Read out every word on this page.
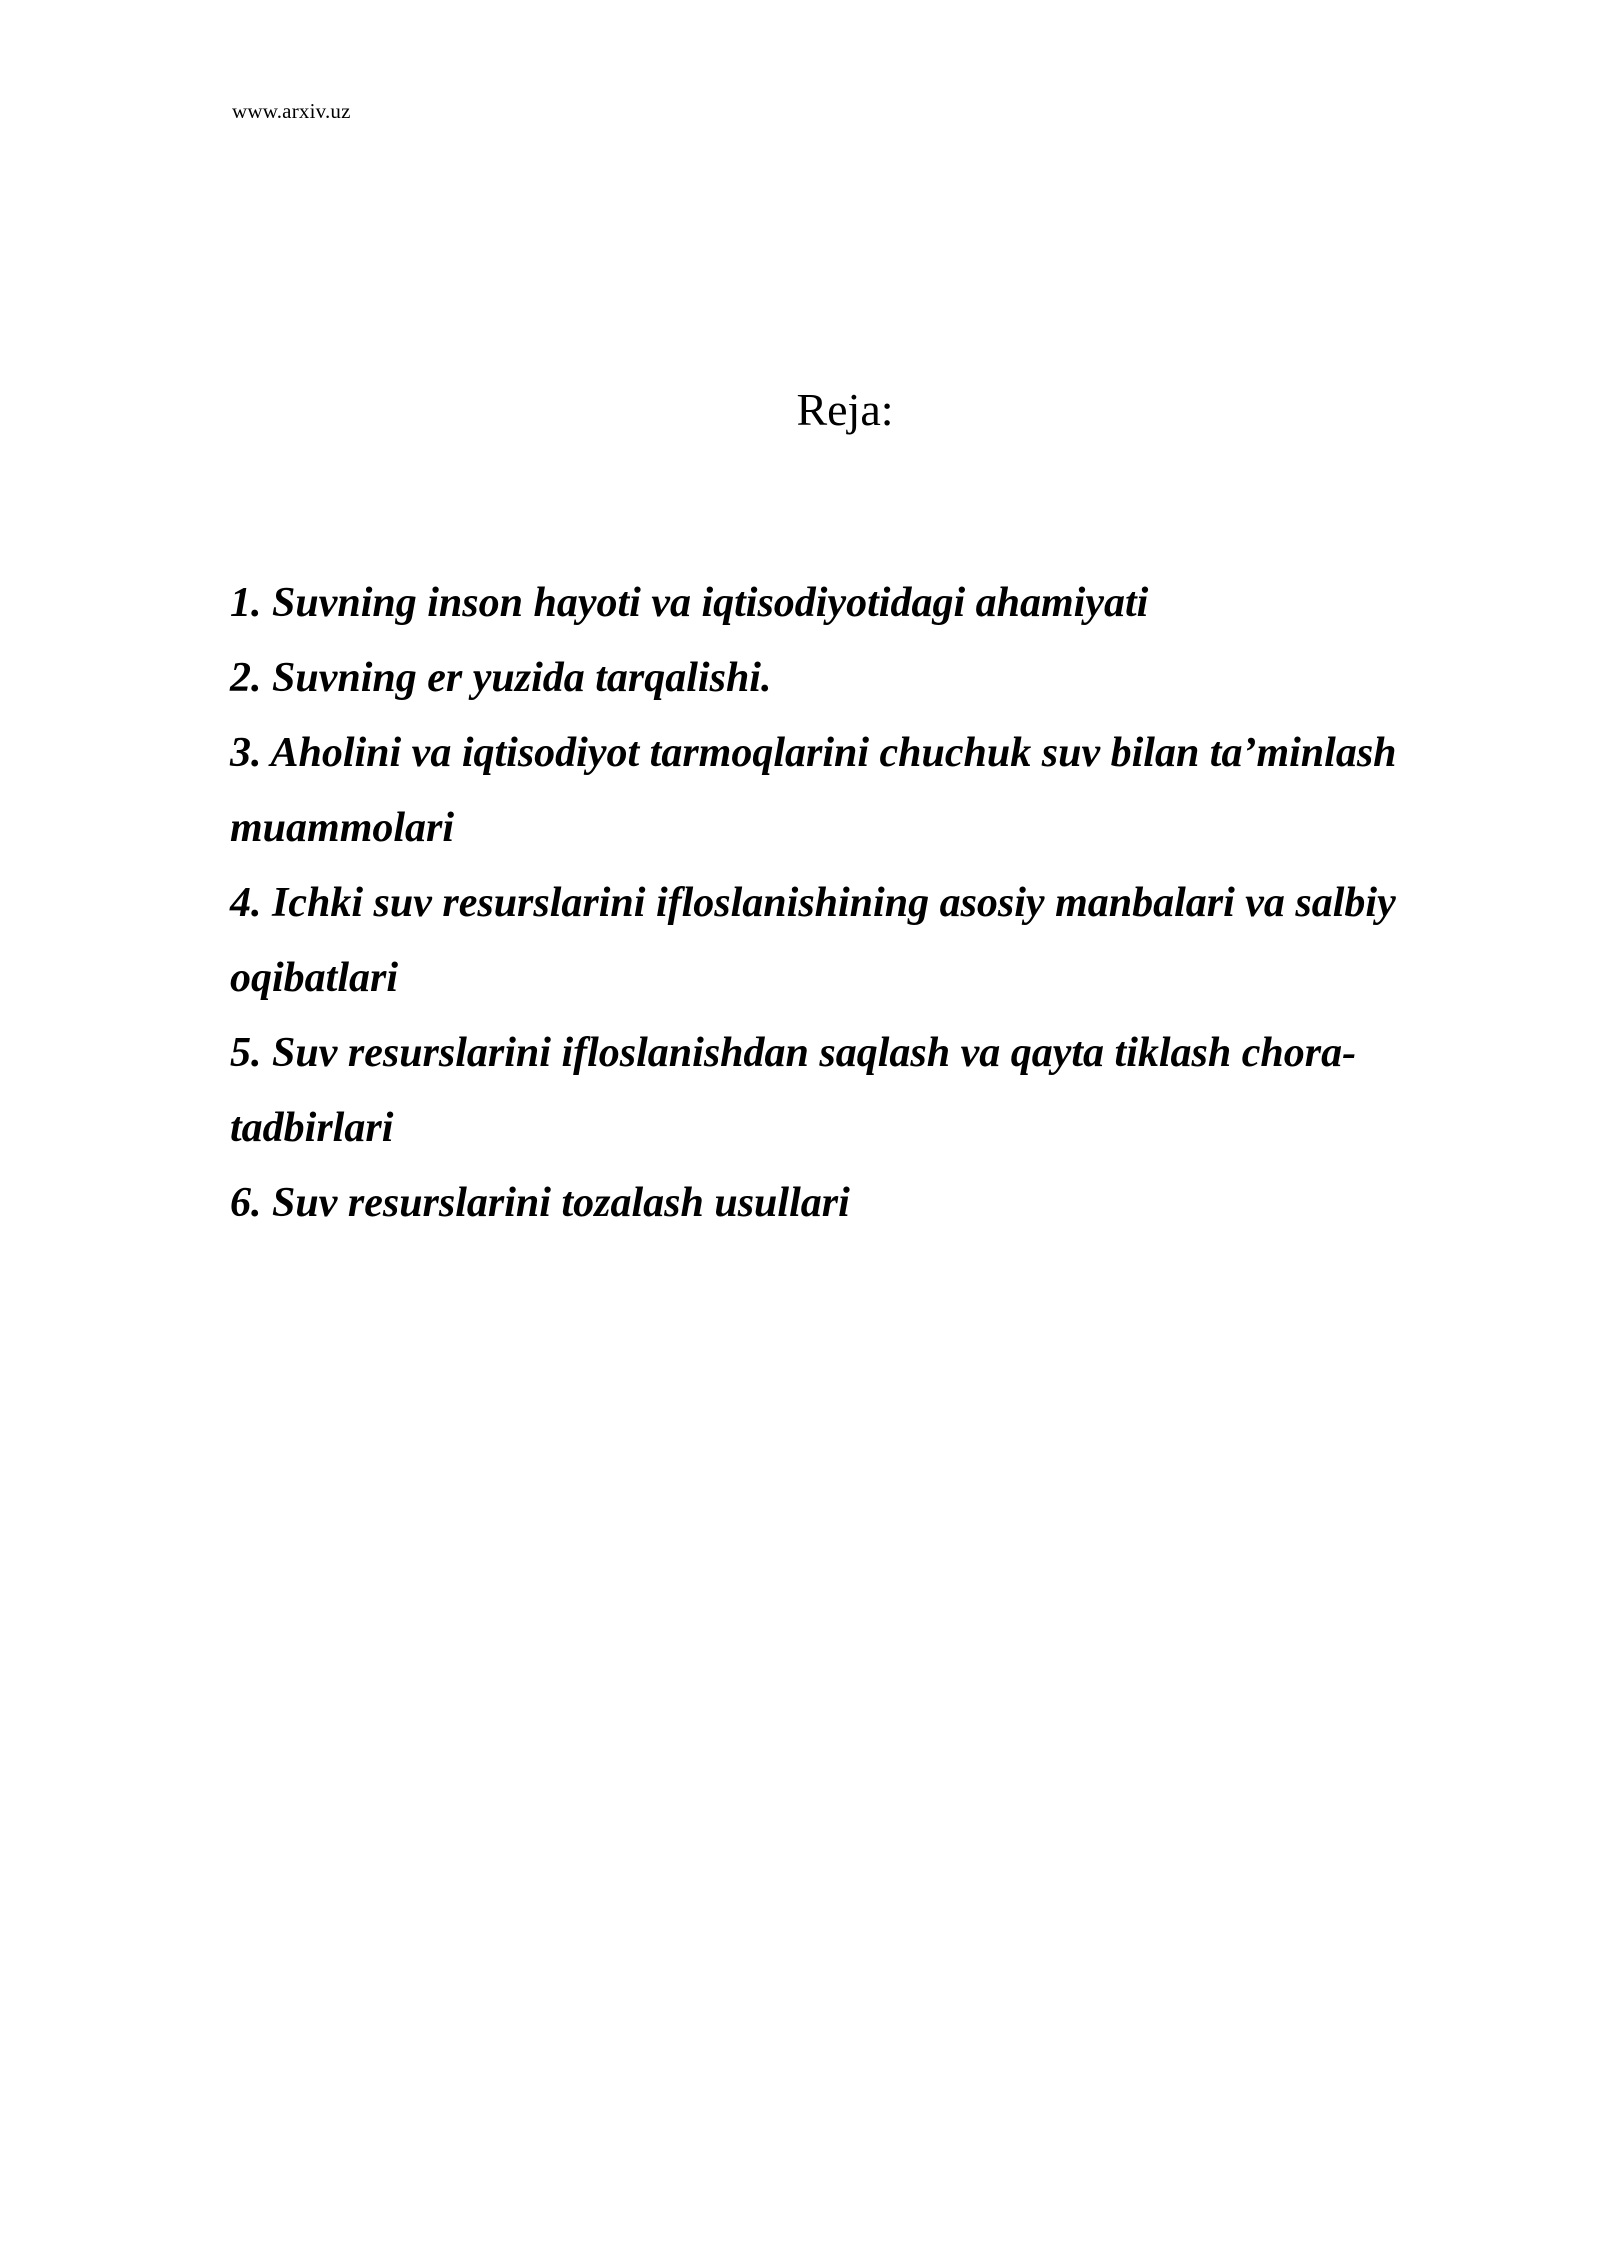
www.arxiv.uz
Reja:
1. Suvning inson hayoti va iqtisodiyotidagi ahamiyati
2. Suvning er yuzida tarqalishi.
3. Aholini va iqtisodiyot tarmoqlarini chuchuk suv bilan ta’minlash muammolari
4. Ichki suv resurslarini ifloslanishining asosiy manbalari va salbiy oqibatlari
5. Suv resurslarini ifloslanishdan saqlash va qayta tiklash chora-tadbirlari
6. Suv resurslarini tozalash usullari
